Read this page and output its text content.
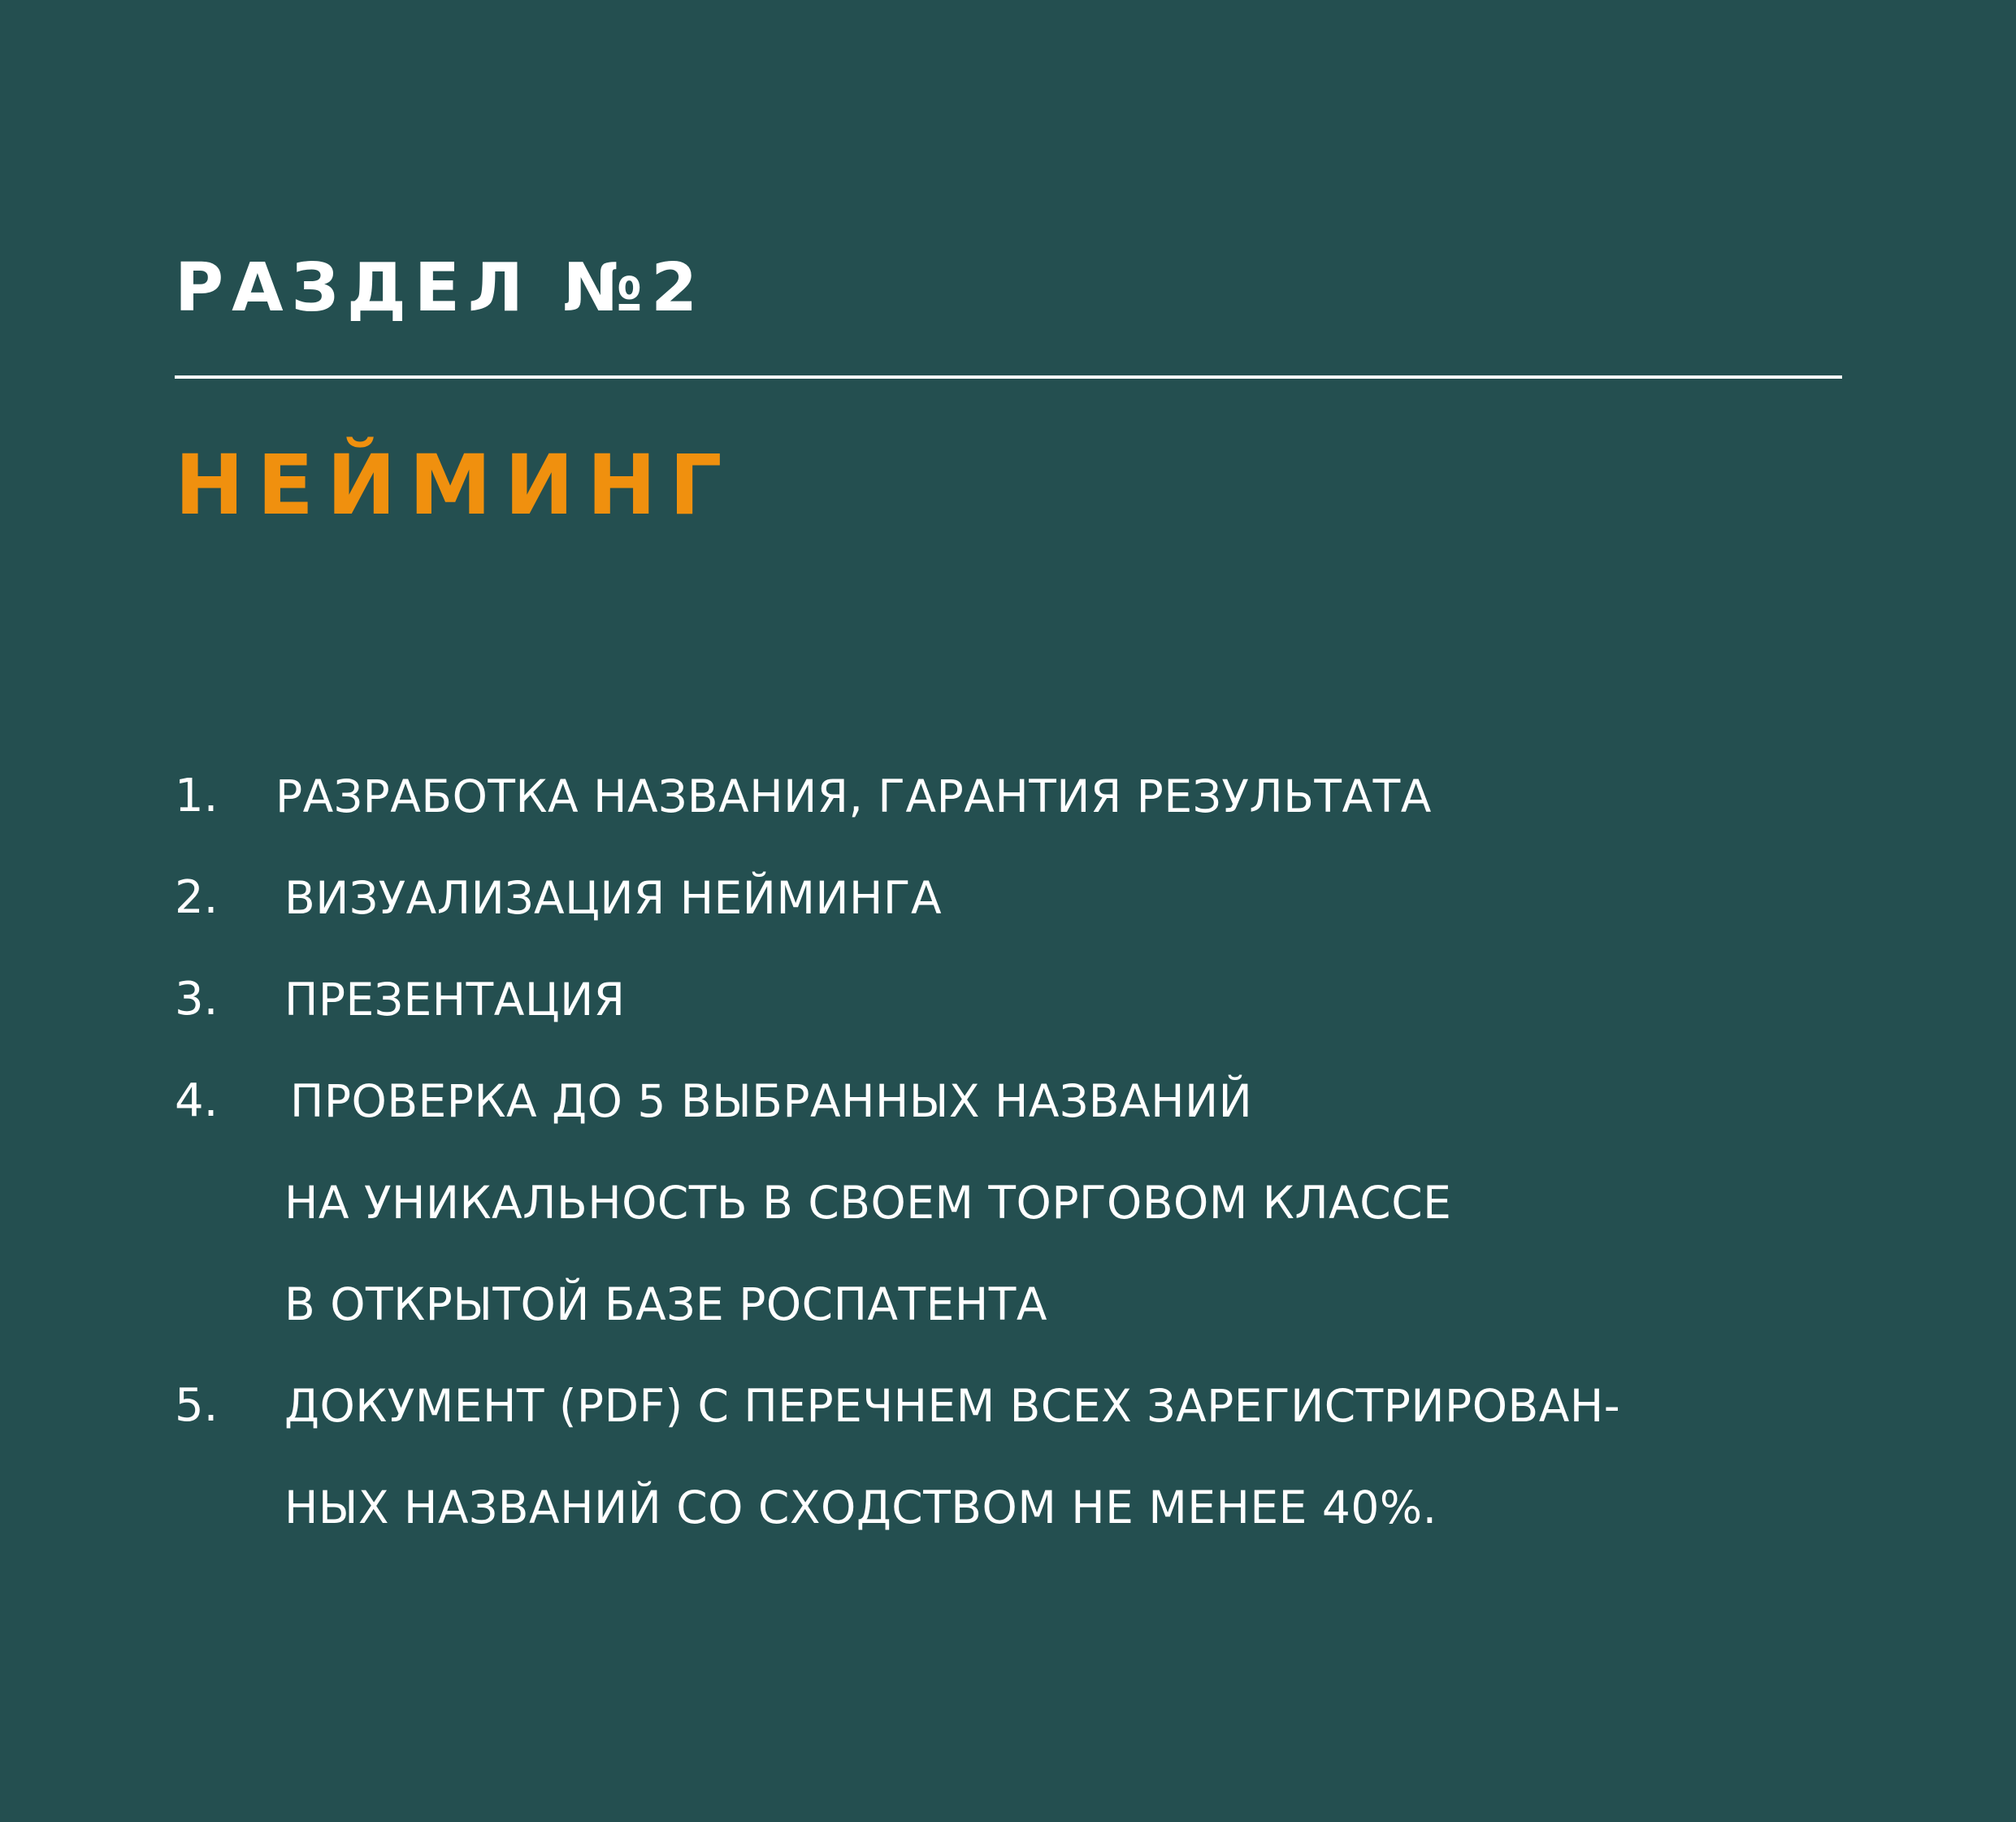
РАЗДЕЛ №2
НЕЙМИНГ
1. РАЗРАБОТКА НАЗВАНИЯ, ГАРАНТИЯ РЕЗУЛЬТАТА
2. ВИЗУАЛИЗАЦИЯ НЕЙМИНГА
3. ПРЕЗЕНТАЦИЯ
4. ПРОВЕРКА ДО 5 ВЫБРАННЫХ НАЗВАНИЙ
НА УНИКАЛЬНОСТЬ В СВОЕМ ТОРГОВОМ КЛАССЕ
В ОТКРЫТОЙ БАЗЕ РОСПАТЕНТА
5. ДОКУМЕНТ (PDF) С ПЕРЕЧНЕМ ВСЕХ ЗАРЕГИСТРИРОВАН-
НЫХ НАЗВАНИЙ СО СХОДСТВОМ НЕ МЕНЕЕ 40%.
